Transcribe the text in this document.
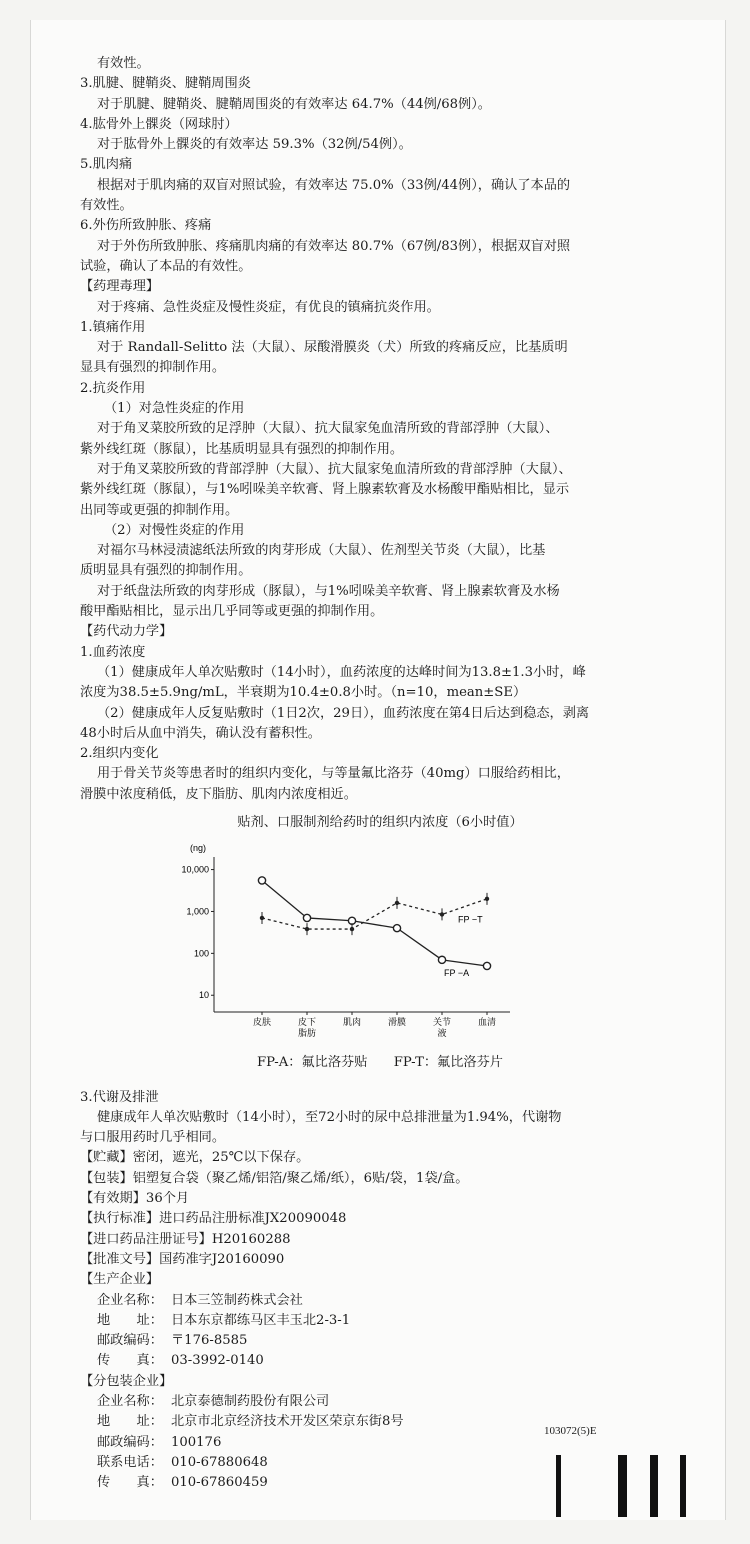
有效性。
3.肌腱、腱鞘炎、腱鞘周围炎
对于肌腱、腱鞘炎、腱鞘周围炎的有效率达 64.7%（44例/68例）。
4.肱骨外上髁炎（网球肘）
对于肱骨外上髁炎的有效率达 59.3%（32例/54例）。
5.肌肉痛
根据对于肌肉痛的双盲对照试验，有效率达 75.0%（33例/44例），确认了本品的
有效性。
6.外伤所致肿胀、疼痛
对于外伤所致肿胀、疼痛肌肉痛的有效率达 80.7%（67例/83例），根据双盲对照
试验，确认了本品的有效性。
【药理毒理】
对于疼痛、急性炎症及慢性炎症，有优良的镇痛抗炎作用。
1.镇痛作用
对于 Randall-Selitto 法（大鼠）、尿酸滑膜炎（犬）所致的疼痛反应，比基质明
显具有强烈的抑制作用。
2.抗炎作用
（1）对急性炎症的作用
对于角叉菜胶所致的足浮肿（大鼠）、抗大鼠家兔血清所致的背部浮肿（大鼠）、
紫外线红斑（豚鼠），比基质明显具有强烈的抑制作用。
对于角叉菜胶所致的背部浮肿（大鼠）、抗大鼠家兔血清所致的背部浮肿（大鼠）、
紫外线红斑（豚鼠），与1%吲哚美辛软膏、肾上腺素软膏及水杨酸甲酯贴相比，显示
出同等或更强的抑制作用。
（2）对慢性炎症的作用
对福尔马林浸渍滤纸法所致的肉芽形成（大鼠）、佐剂型关节炎（大鼠），比基
质明显具有强烈的抑制作用。
对于纸盘法所致的肉芽形成（豚鼠），与1%吲哚美辛软膏、肾上腺素软膏及水杨
酸甲酯贴相比，显示出几乎同等或更强的抑制作用。
【药代动力学】
1.血药浓度
（1）健康成年人单次贴敷时（14小时），血药浓度的达峰时间为13.8±1.3小时，峰
浓度为38.5±5.9ng/mL，半衰期为10.4±0.8小时。（n=10，mean±SE）
（2）健康成年人反复贴敷时（1日2次，29日），血药浓度在第4日后达到稳态，剥离
48小时后从血中消失，确认没有蓄积性。
2.组织内变化
用于骨关节炎等患者时的组织内变化，与等量氟比洛芬（40mg）口服给药相比，
滑膜中浓度稍低，皮下脂肪、肌肉内浓度相近。
贴剂、口服制剂给药时的组织内浓度（6小时值）
10,000
1,000
100
10
皮肤	皮下脂肪
肌肉	滑膜	关节液
血清
FP −A
FP −T
(ng)
FP-A：氟比洛芬贴　　FP-T：氟比洛芬片
3.代谢及排泄
健康成年人单次贴敷时（14小时），至72小时的尿中总排泄量为1.94%，代谢物
与口服用药时几乎相同。
【贮藏】密闭，遮光，25℃以下保存。
【包装】铝塑复合袋（聚乙烯/铝箔/聚乙烯/纸），6贴/袋，1袋/盒。
【有效期】36个月
【执行标准】进口药品注册标准JX20090048
【进口药品注册证号】H20160288
【批准文号】国药准字J20160090
【生产企业】
企业名称： 日本三笠制药株式会社
地　　址： 日本东京都练马区丰玉北2-3-1
邮政编码： 〒176-8585
传　　真： 03-3992-0140
【分包装企业】
企业名称： 北京泰德制药股份有限公司
地　　址： 北京市北京经济技术开发区荣京东街8号
邮政编码： 100176
联系电话： 010-67880648
传　　真： 010-67860459
103072(5)E
